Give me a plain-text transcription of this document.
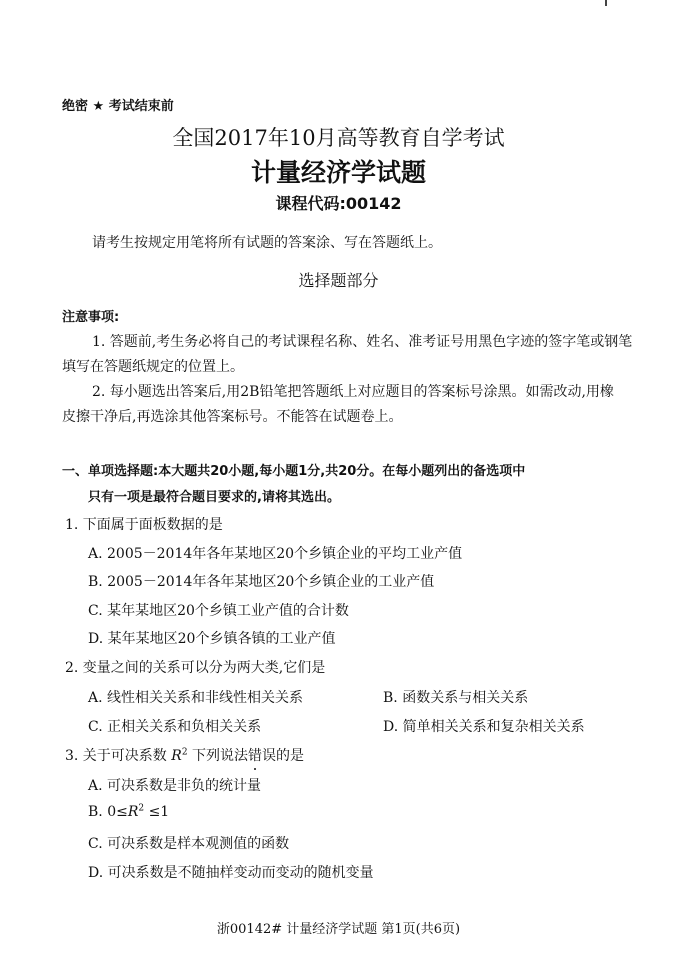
绝密 ★ 考试结束前
全国2017年10月高等教育自学考试
计量经济学试题
课程代码:00142
请考生按规定用笔将所有试题的答案涂、写在答题纸上。
选择题部分
注意事项:
1. 答题前,考生务必将自己的考试课程名称、姓名、准考证号用黑色字迹的签字笔或钢笔
填写在答题纸规定的位置上。
2. 每小题选出答案后,用2B铅笔把答题纸上对应题目的答案标号涂黑。如需改动,用橡
皮擦干净后,再选涂其他答案标号。不能答在试题卷上。
一、单项选择题:本大题共20小题,每小题1分,共20分。在每小题列出的备选项中
只有一项是最符合题目要求的,请将其选出。
1. 下面属于面板数据的是
A. 2005－2014年各年某地区20个乡镇企业的平均工业产值
B. 2005－2014年各年某地区20个乡镇企业的工业产值
C. 某年某地区20个乡镇工业产值的合计数
D. 某年某地区20个乡镇各镇的工业产值
2. 变量之间的关系可以分为两大类,它们是
A. 线性相关关系和非线性相关关系	B. 函数关系与相关关系
C. 正相关关系和负相关关系	D. 简单相关关系和复杂相关关系
3. 关于可决系数 $R^2$ 下列说法错误的是
A. 可决系数是非负的统计量
B. $0\le R^2 \le 1$
C. 可决系数是样本观测值的函数
D. 可决系数是不随抽样变动而变动的随机变量
浙00142# 计量经济学试题 第1页(共6页)
